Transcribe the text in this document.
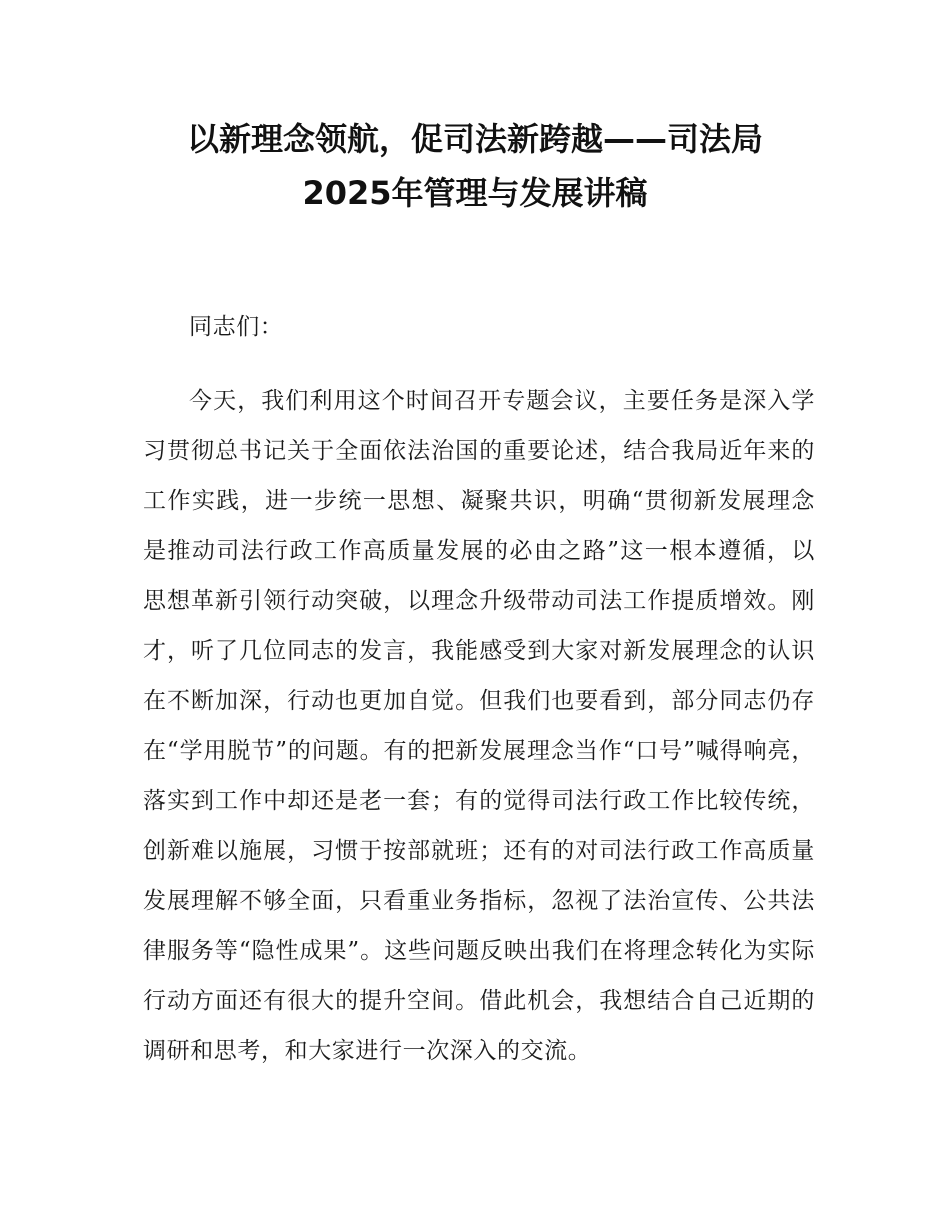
以新理念领航，促司法新跨越——司法局
2025年管理与发展讲稿

同志们：

今天，我们利用这个时间召开专题会议，主要任务是深入学习贯彻总书记关于全面依法治国的重要论述，结合我局近年来的工作实践，进一步统一思想、凝聚共识，明确“贯彻新发展理念是推动司法行政工作高质量发展的必由之路”这一根本遵循，以思想革新引领行动突破，以理念升级带动司法工作提质增效。刚才，听了几位同志的发言，我能感受到大家对新发展理念的认识在不断加深，行动也更加自觉。但我们也要看到，部分同志仍存在“学用脱节”的问题。有的把新发展理念当作“口号”喊得响亮，落实到工作中却还是老一套；有的觉得司法行政工作比较传统，创新难以施展，习惯于按部就班；还有的对司法行政工作高质量发展理解不够全面，只看重业务指标，忽视了法治宣传、公共法律服务等“隐性成果”。这些问题反映出我们在将理念转化为实际行动方面还有很大的提升空间。借此机会，我想结合自己近期的调研和思考，和大家进行一次深入的交流。
